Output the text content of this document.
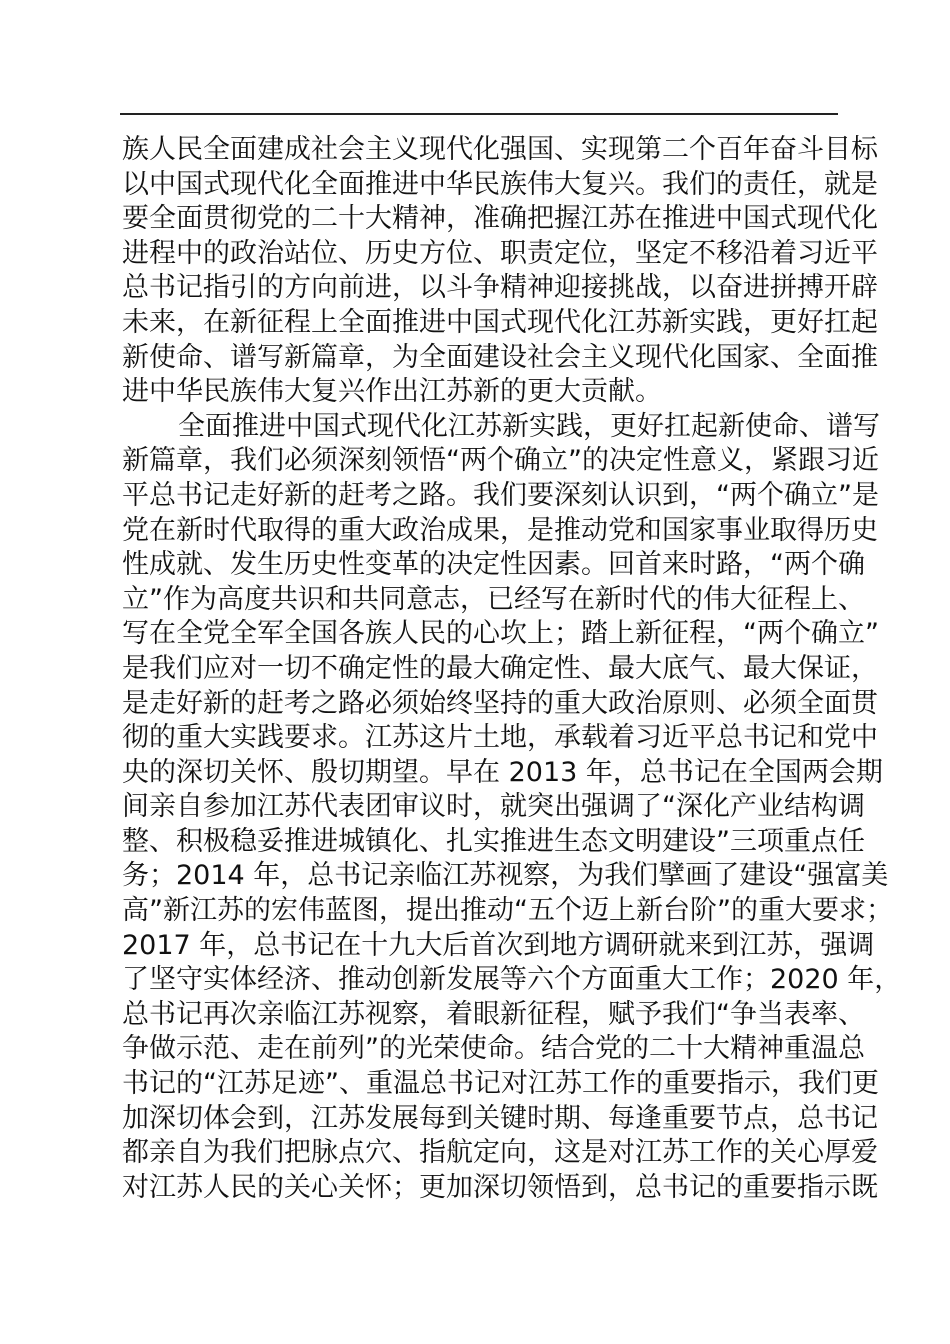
族人民全面建成社会主义现代化强国、实现第二个百年奋斗目标
以中国式现代化全面推进中华民族伟大复兴。我们的责任，就是
要全面贯彻党的二十大精神，准确把握江苏在推进中国式现代化
进程中的政治站位、历史方位、职责定位，坚定不移沿着习近平
总书记指引的方向前进，以斗争精神迎接挑战，以奋进拼搏开辟
未来，在新征程上全面推进中国式现代化江苏新实践，更好扛起
新使命、谱写新篇章，为全面建设社会主义现代化国家、全面推
进中华民族伟大复兴作出江苏新的更大贡献。
全面推进中国式现代化江苏新实践，更好扛起新使命、谱写
新篇章，我们必须深刻领悟“两个确立”的决定性意义，紧跟习近
平总书记走好新的赶考之路。我们要深刻认识到，“两个确立”是
党在新时代取得的重大政治成果，是推动党和国家事业取得历史
性成就、发生历史性变革的决定性因素。回首来时路，“两个确
立”作为高度共识和共同意志，已经写在新时代的伟大征程上、
写在全党全军全国各族人民的心坎上；踏上新征程，“两个确立”
是我们应对一切不确定性的最大确定性、最大底气、最大保证，
是走好新的赶考之路必须始终坚持的重大政治原则、必须全面贯
彻的重大实践要求。江苏这片土地，承载着习近平总书记和党中
央的深切关怀、殷切期望。早在 2013 年，总书记在全国两会期
间亲自参加江苏代表团审议时，就突出强调了“深化产业结构调
整、积极稳妥推进城镇化、扎实推进生态文明建设”三项重点任
务；2014 年，总书记亲临江苏视察，为我们擘画了建设“强富美
高”新江苏的宏伟蓝图，提出推动“五个迈上新台阶”的重大要求；
2017 年，总书记在十九大后首次到地方调研就来到江苏，强调
了坚守实体经济、推动创新发展等六个方面重大工作；2020 年，
总书记再次亲临江苏视察，着眼新征程，赋予我们“争当表率、
争做示范、走在前列”的光荣使命。结合党的二十大精神重温总
书记的“江苏足迹”、重温总书记对江苏工作的重要指示，我们更
加深切体会到，江苏发展每到关键时期、每逢重要节点，总书记
都亲自为我们把脉点穴、指航定向，这是对江苏工作的关心厚爱
对江苏人民的关心关怀；更加深切领悟到，总书记的重要指示既
